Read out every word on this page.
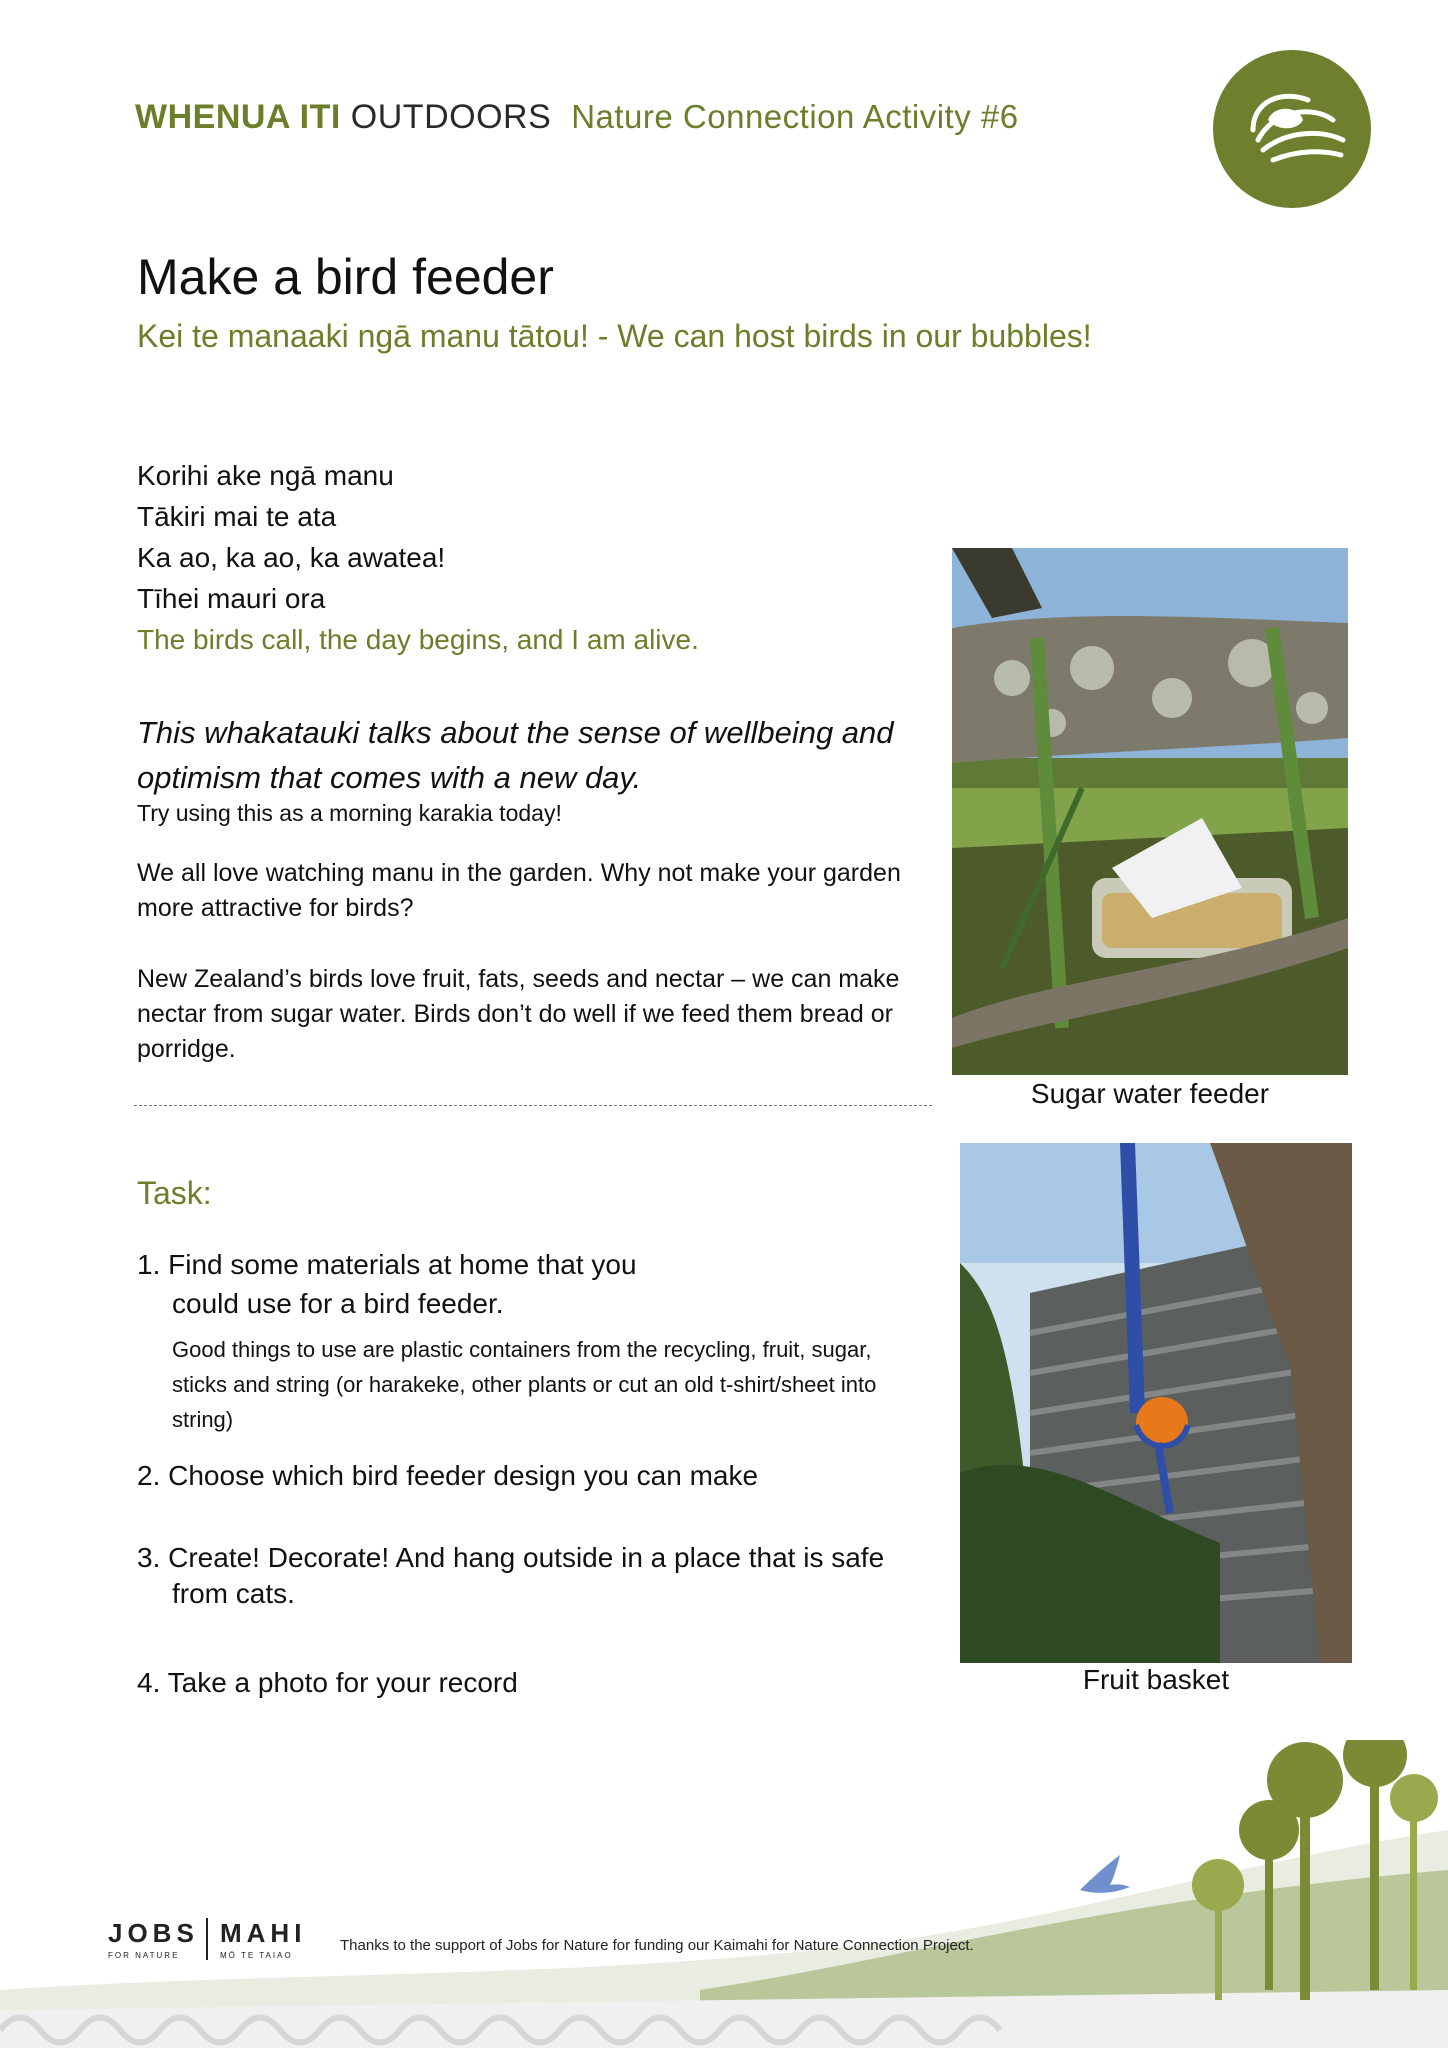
WHENUA ITI OUTDOORS Nature Connection Activity #6
Make a bird feeder
Kei te manaaki ngā manu tātou! - We can host birds in our bubbles!
Korihi ake ngā manu
Tākiri mai te ata
Ka ao, ka ao, ka awatea!
Tīhei mauri ora
The birds call, the day begins, and I am alive.
This whakatauki talks about the sense of wellbeing and optimism that comes with a new day.
Try using this as a morning karakia today!
We all love watching manu in the garden. Why not make your garden more attractive for birds?
New Zealand’s birds love fruit, fats, seeds and nectar – we can make nectar from sugar water. Birds don’t do well if we feed them bread or porridge.
Task:
1. Find some materials at home that you
could use for a bird feeder.
Good things to use are plastic containers from the recycling, fruit, sugar, sticks and string (or harakeke, other plants or cut an old t-shirt/sheet into string)
2. Choose which bird feeder design you can make
3. Create! Decorate! And hang outside in a place that is safe
from cats.
4. Take a photo for your record
Sugar water feeder
Fruit basket
JOBS MAHI
FOR NATURE	MŌ TE TAIAO
Thanks to the support of Jobs for Nature for funding our Kaimahi for Nature Connection Project.
